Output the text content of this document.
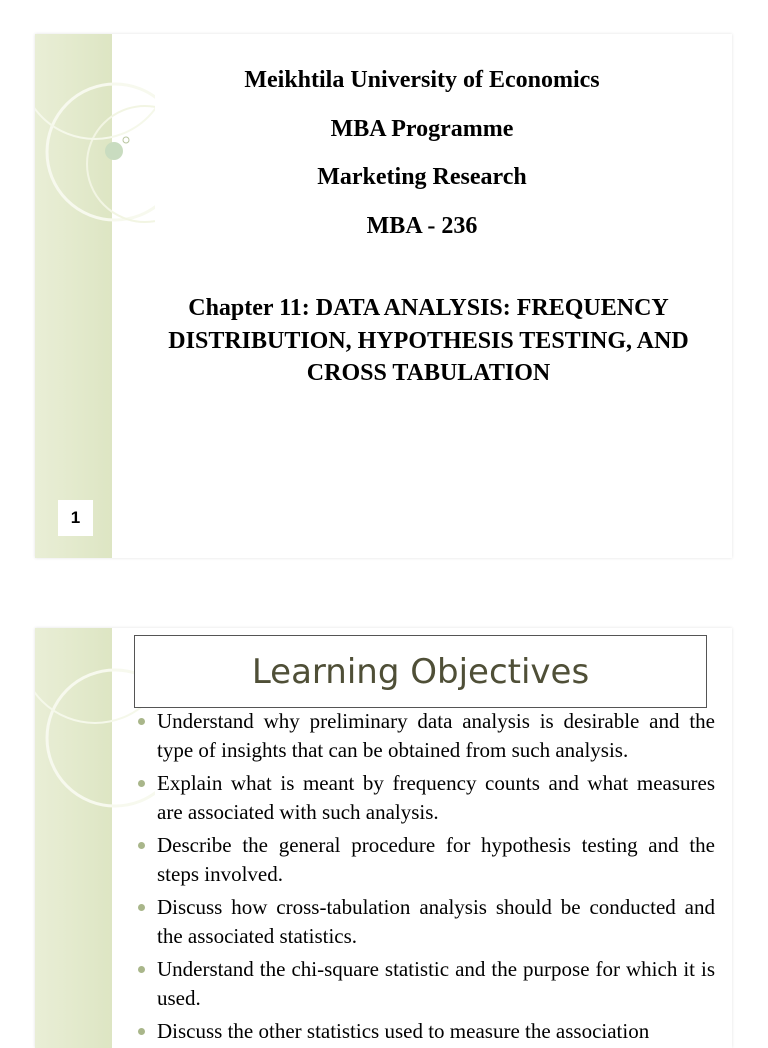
Meikhtila University of Economics

MBA Programme

Marketing Research

MBA - 236

Chapter 11: DATA ANALYSIS: FREQUENCY DISTRIBUTION, HYPOTHESIS TESTING, AND CROSS TABULATION
1
Learning Objectives
Understand why preliminary data analysis is desirable and the type of insights that can be obtained from such analysis.
Explain what is meant by frequency counts and what measures are associated with such analysis.
Describe the general procedure for hypothesis testing and the steps involved.
Discuss how cross-tabulation analysis should be conducted and the associated statistics.
Understand the chi-square statistic and the purpose for which it is used.
Discuss the other statistics used to measure the association
